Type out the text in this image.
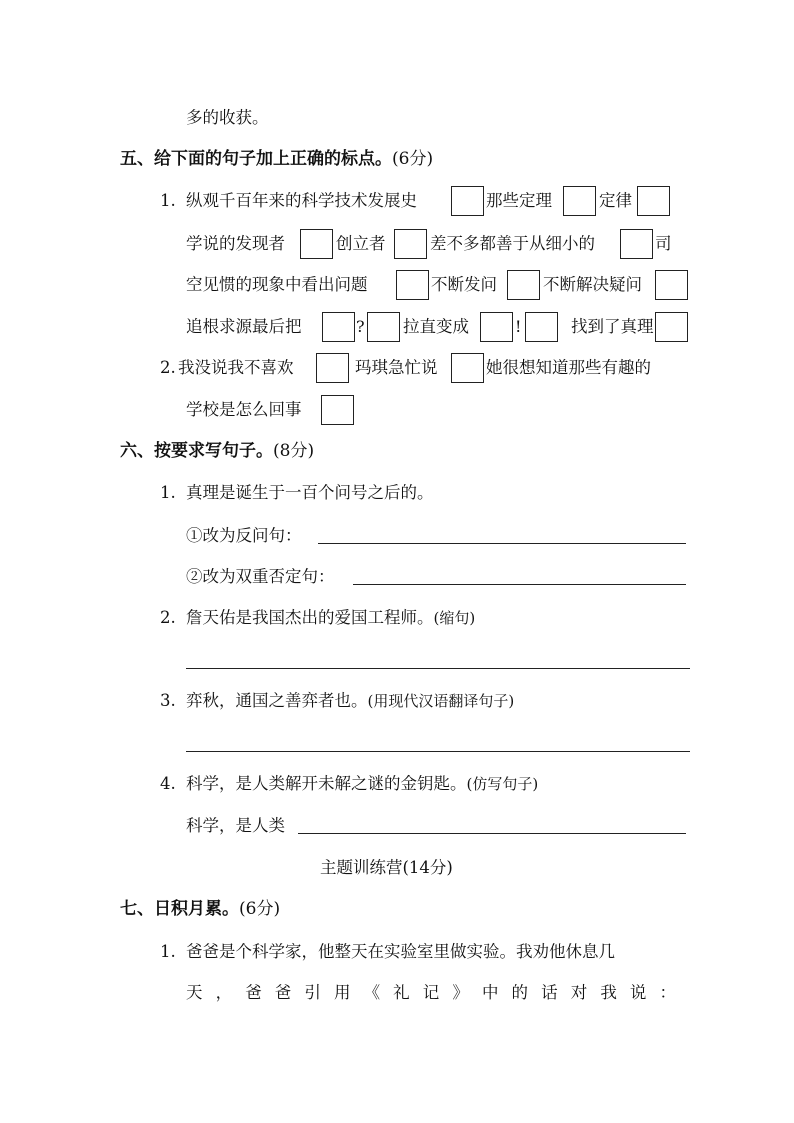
多的收获。
五、给下面的句子加上正确的标点。(6分)
1. 纵观千百年来的科学技术发展史	那些定理	定律
学说的发现者	创立者	差不多都善于从细小的	司
空见惯的现象中看出问题	不断发问	不断解决疑问
追根求源最后把	? 拉直变成	!	找到了真理
2. 我没说我不喜欢	玛琪急忙说	她很想知道那些有趣的
学校是怎么回事
六、按要求写句子。(8分)
1. 真理是诞生于一百个问号之后的。
①改为反问句：
②改为双重否定句：
2. 詹天佑是我国杰出的爱国工程师。(缩句)
3. 弈秋，通国之善弈者也。(用现代汉语翻译句子)
4. 科学，是人类解开未解之谜的金钥匙。(仿写句子)
科学，是人类
主题训练营(14分)
七、日积月累。(6分)
1. 爸爸是个科学家，他整天在实验室里做实验。我劝他休息几
天 ， 爸 爸 引 用 《 礼 记 》 中 的 话 对 我 说 ：
